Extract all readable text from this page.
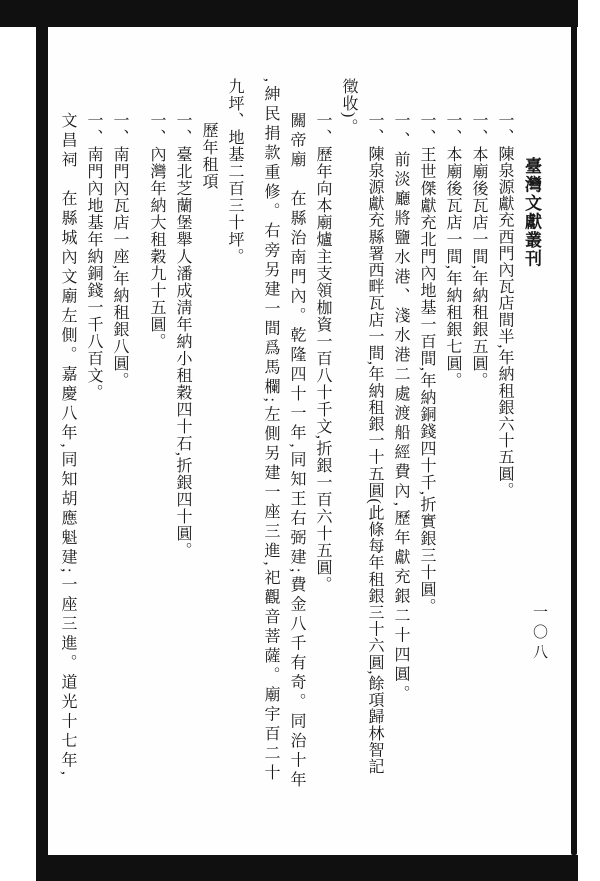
臺灣文獻叢刊
一〇八
一、陳泉源獻充西門內瓦店間半,年納租銀六十五圓。
一、本廟後瓦店一間,年納租銀五圓。
一、本廟後瓦店一間,年納租銀七圓。
一、王世傑獻充北門內地基一百間,年納銅錢四十千,折實銀三十圓。
一、前淡廳將鹽水港、淺水港二處渡船經費內,歷年獻充銀二十四圓。
一、陳泉源獻充縣署西畔瓦店一間,年納租銀一十五圓(此條每年租銀三十六圓,餘項歸林智記
徵收)。
一、歷年向本廟爐主支領枷資一百八十千文,折銀一百六十五圓。
關帝廟　在縣治南門內。乾隆四十一年,同知王右弼建;費金八千有奇。同治十年
,紳民捐款重修。右旁另建一間爲馬欄;左側另建一座三進,祀觀音菩薩。廟宇百二十
九坪、地基二百三十坪。
歷年租項
一、臺北芝蘭堡舉人潘成淸年納小租穀四十石,折銀四十圓。
一、內灣年納大租穀九十五圓。
一、南門內瓦店一座,年納租銀八圓。
一、南門內地基年納銅錢一千八百文。
文昌祠　在縣城內文廟左側。嘉慶八年,同知胡應魁建;一座三進。道光十七年,
